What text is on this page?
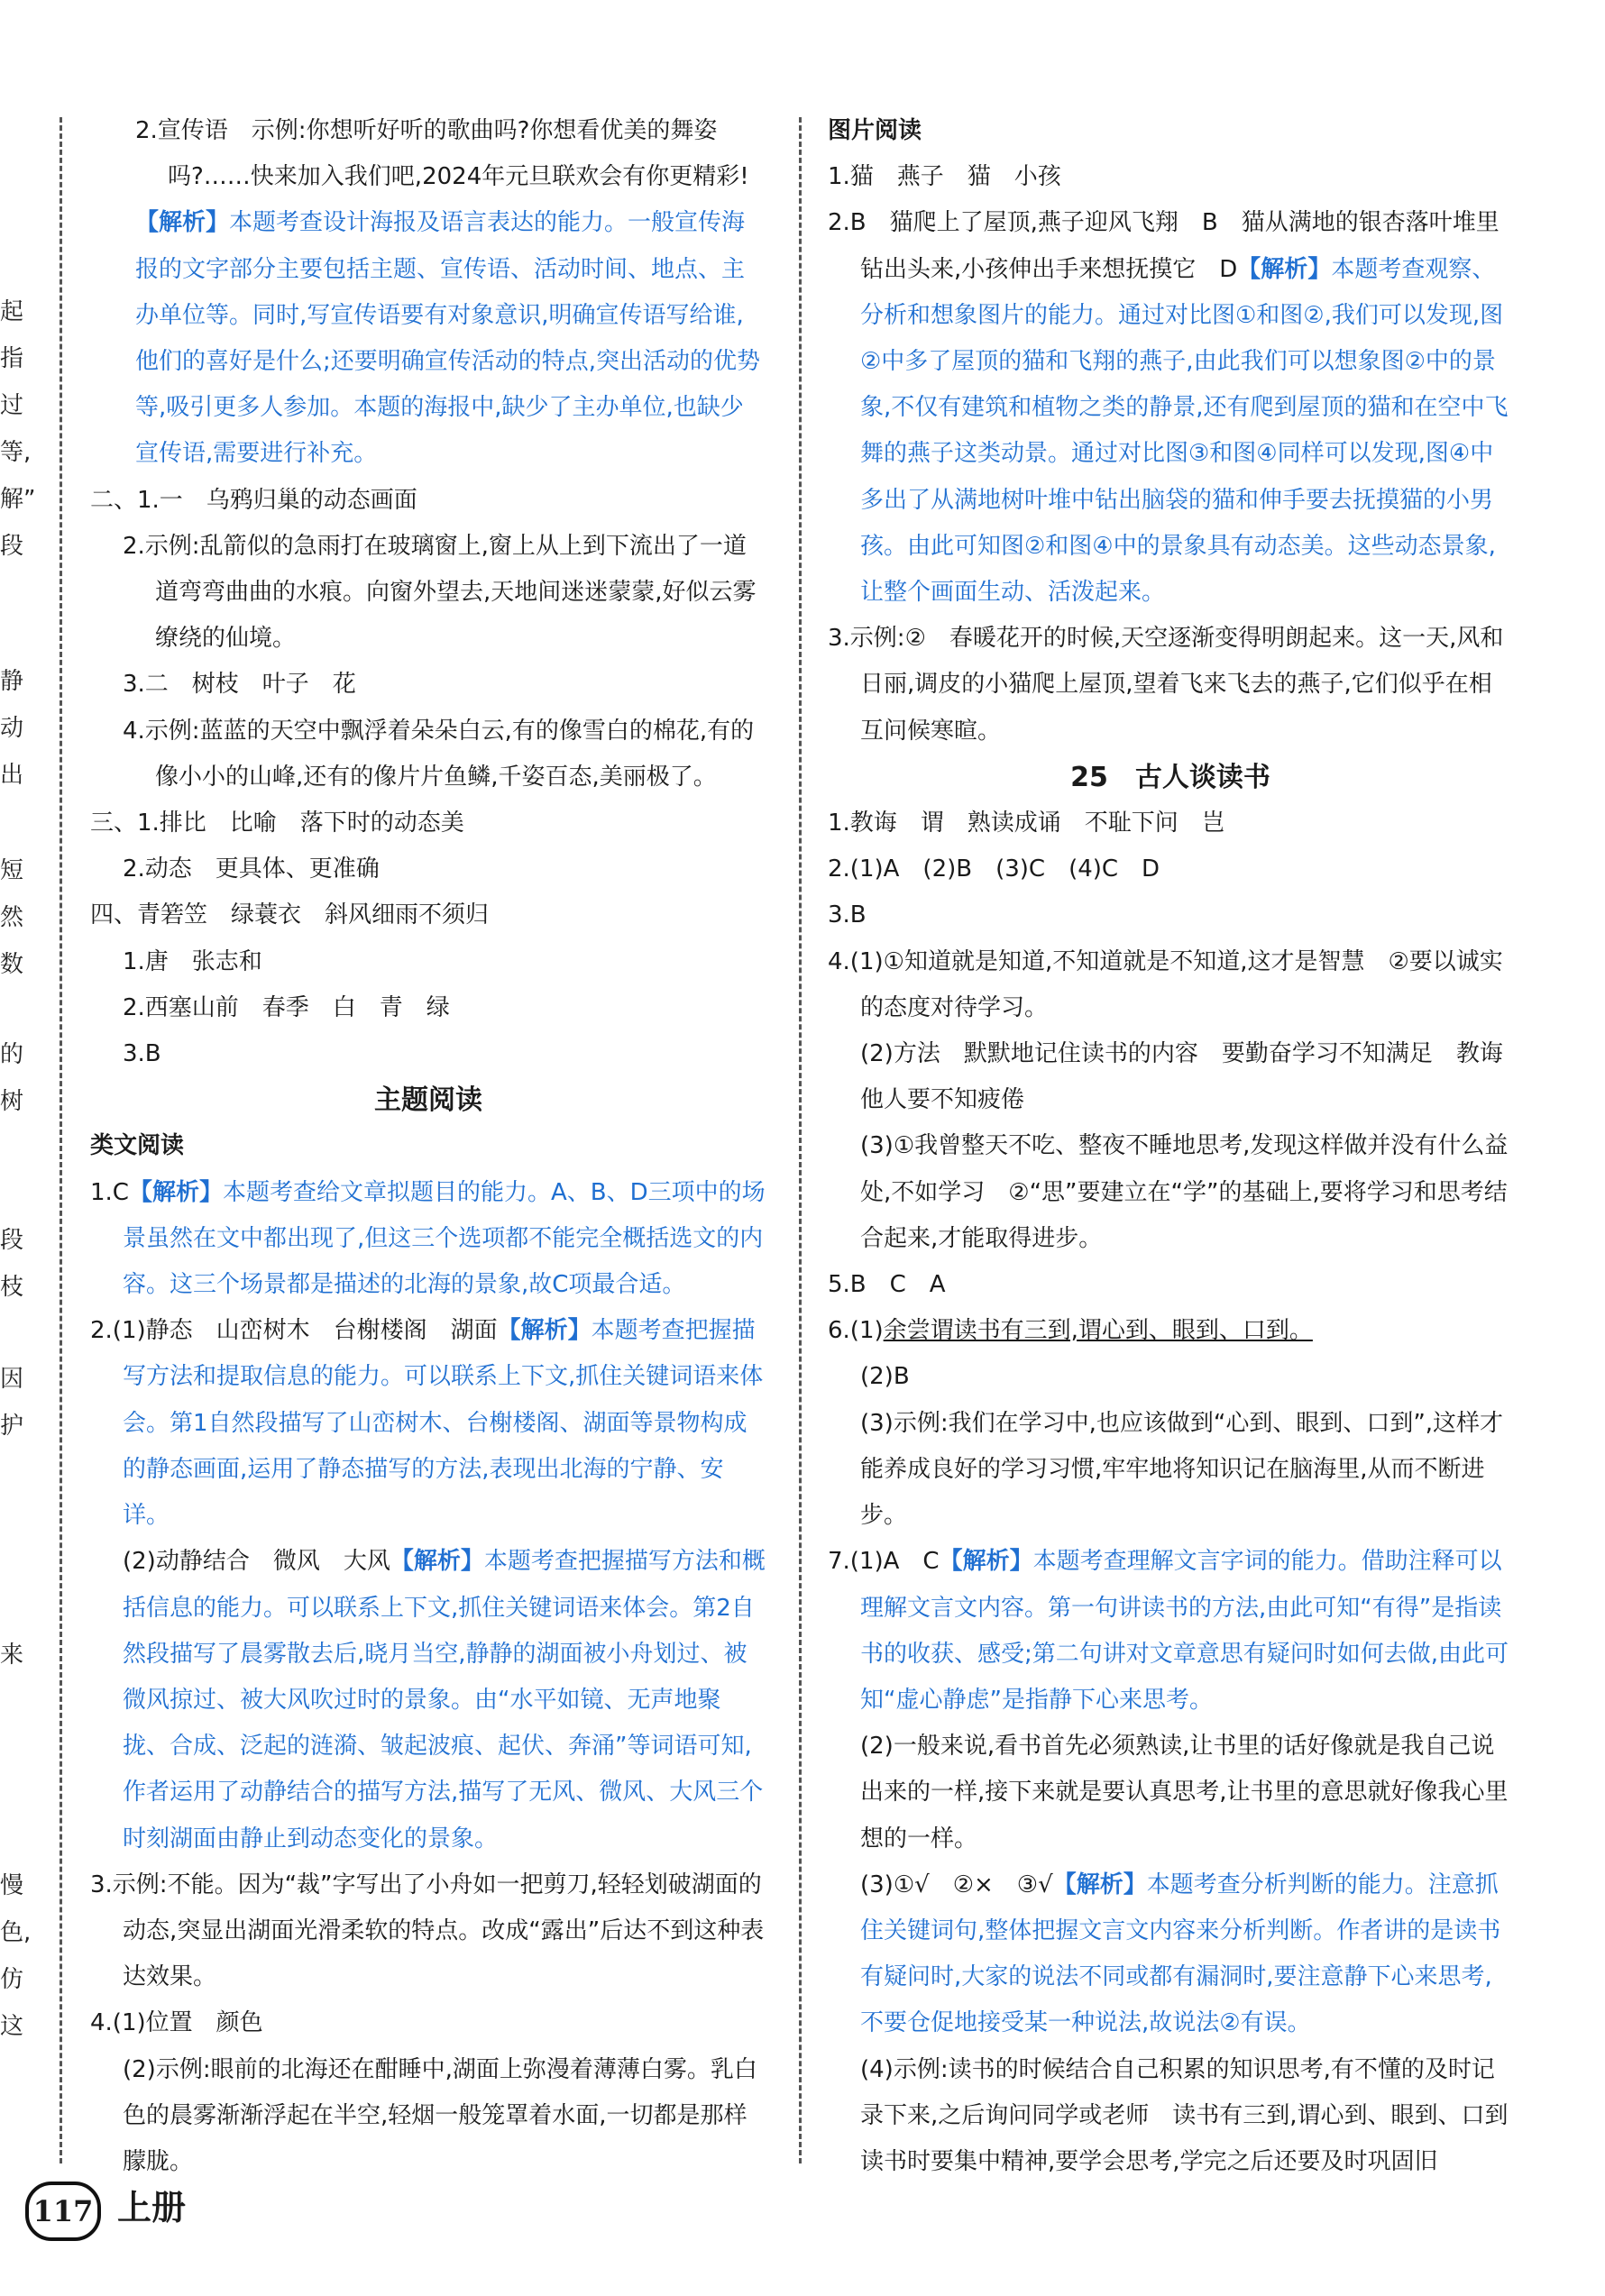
起
指
过
等,
解”
段
静
动
出
短
然
数
的
树
段
枝
因
护
来
慢
色,
仿
这

2.宣传语　示例:你想听好听的歌曲吗?你想看优美的舞姿

吗?……快来加入我们吧,2024年元旦联欢会有你更精彩!

【解析】本题考查设计海报及语言表达的能力。一般宣传海报的文字部分主要包括主题、宣传语、活动时间、地点、主办单位等。同时,写宣传语要有对象意识,明确宣传语写给谁,他们的喜好是什么;还要明确宣传活动的特点,突出活动的优势等,吸引更多人参加。本题的海报中,缺少了主办单位,也缺少宣传语,需要进行补充。

二、1.一　乌鸦归巢的动态画面

2.示例:乱箭似的急雨打在玻璃窗上,窗上从上到下流出了一道道弯弯曲曲的水痕。向窗外望去,天地间迷迷蒙蒙,好似云雾缭绕的仙境。

3.二　树枝　叶子　花

4.示例:蓝蓝的天空中飘浮着朵朵白云,有的像雪白的棉花,有的像小小的山峰,还有的像片片鱼鳞,千姿百态,美丽极了。

三、1.排比　比喻　落下时的动态美

2.动态　更具体、更准确

四、青箬笠　绿蓑衣　斜风细雨不须归

1.唐　张志和

2.西塞山前　春季　白　青　绿

3.B

主题阅读

类文阅读

1.C【解析】本题考查给文章拟题目的能力。A、B、D三项中的场景虽然在文中都出现了,但这三个选项都不能完全概括选文的内容。这三个场景都是描述的北海的景象,故C项最合适。

2.(1)静态　山峦树木　台榭楼阁　湖面【解析】本题考查把握描写方法和提取信息的能力。可以联系上下文,抓住关键词语来体会。第1自然段描写了山峦树木、台榭楼阁、湖面等景物构成的静态画面,运用了静态描写的方法,表现出北海的宁静、安详。

(2)动静结合　微风　大风【解析】本题考查把握描写方法和概括信息的能力。可以联系上下文,抓住关键词语来体会。第2自然段描写了晨雾散去后,晓月当空,静静的湖面被小舟划过、被微风掠过、被大风吹过时的景象。由“水平如镜、无声地聚拢、合成、泛起的涟漪、皱起波痕、起伏、奔涌”等词语可知,作者运用了动静结合的描写方法,描写了无风、微风、大风三个时刻湖面由静止到动态变化的景象。

3.示例:不能。因为“裁”字写出了小舟如一把剪刀,轻轻划破湖面的动态,突显出湖面光滑柔软的特点。改成“露出”后达不到这种表达效果。

4.(1)位置　颜色

(2)示例:眼前的北海还在酣睡中,湖面上弥漫着薄薄白雾。乳白色的晨雾渐渐浮起在半空,轻烟一般笼罩着水面,一切都是那样朦胧。

图片阅读

1.猫　燕子　猫　小孩

2.B　猫爬上了屋顶,燕子迎风飞翔　B　猫从满地的银杏落叶堆里钻出头来,小孩伸出手来想抚摸它　D【解析】本题考查观察、分析和想象图片的能力。通过对比图①和图②,我们可以发现,图②中多了屋顶的猫和飞翔的燕子,由此我们可以想象图②中的景象,不仅有建筑和植物之类的静景,还有爬到屋顶的猫和在空中飞舞的燕子这类动景。通过对比图③和图④同样可以发现,图④中多出了从满地树叶堆中钻出脑袋的猫和伸手要去抚摸猫的小男孩。由此可知图②和图④中的景象具有动态美。这些动态景象,让整个画面生动、活泼起来。

3.示例:②　春暖花开的时候,天空逐渐变得明朗起来。这一天,风和日丽,调皮的小猫爬上屋顶,望着飞来飞去的燕子,它们似乎在相互问候寒暄。

25　古人谈读书

1.教诲　谓　熟读成诵　不耻下问　岂

2.(1)A　(2)B　(3)C　(4)C　D

3.B

4.(1)①知道就是知道,不知道就是不知道,这才是智慧　②要以诚实的态度对待学习。

(2)方法　默默地记住读书的内容　要勤奋学习不知满足　教诲他人要不知疲倦

(3)①我曾整天不吃、整夜不睡地思考,发现这样做并没有什么益处,不如学习　②“思”要建立在“学”的基础上,要将学习和思考结合起来,才能取得进步。

5.B　C　A

6.(1)余尝谓读书有三到,谓心到、眼到、口到。

(2)B

(3)示例:我们在学习中,也应该做到“心到、眼到、口到”,这样才能养成良好的学习习惯,牢牢地将知识记在脑海里,从而不断进步。

7.(1)A　C【解析】本题考查理解文言字词的能力。借助注释可以理解文言文内容。第一句讲读书的方法,由此可知“有得”是指读书的收获、感受;第二句讲对文章意思有疑问时如何去做,由此可知“虚心静虑”是指静下心来思考。

(2)一般来说,看书首先必须熟读,让书里的话好像就是我自己说出来的一样,接下来就是要认真思考,让书里的意思就好像我心里想的一样。

(3)①√　②×　③√【解析】本题考查分析判断的能力。注意抓住关键词句,整体把握文言文内容来分析判断。作者讲的是读书有疑问时,大家的说法不同或都有漏洞时,要注意静下心来思考,不要仓促地接受某一种说法,故说法②有误。

(4)示例:读书的时候结合自己积累的知识思考,有不懂的及时记录下来,之后询问同学或老师　读书有三到,谓心到、眼到、口到　读书时要集中精神,要学会思考,学完之后还要及时巩固旧

117 上册
